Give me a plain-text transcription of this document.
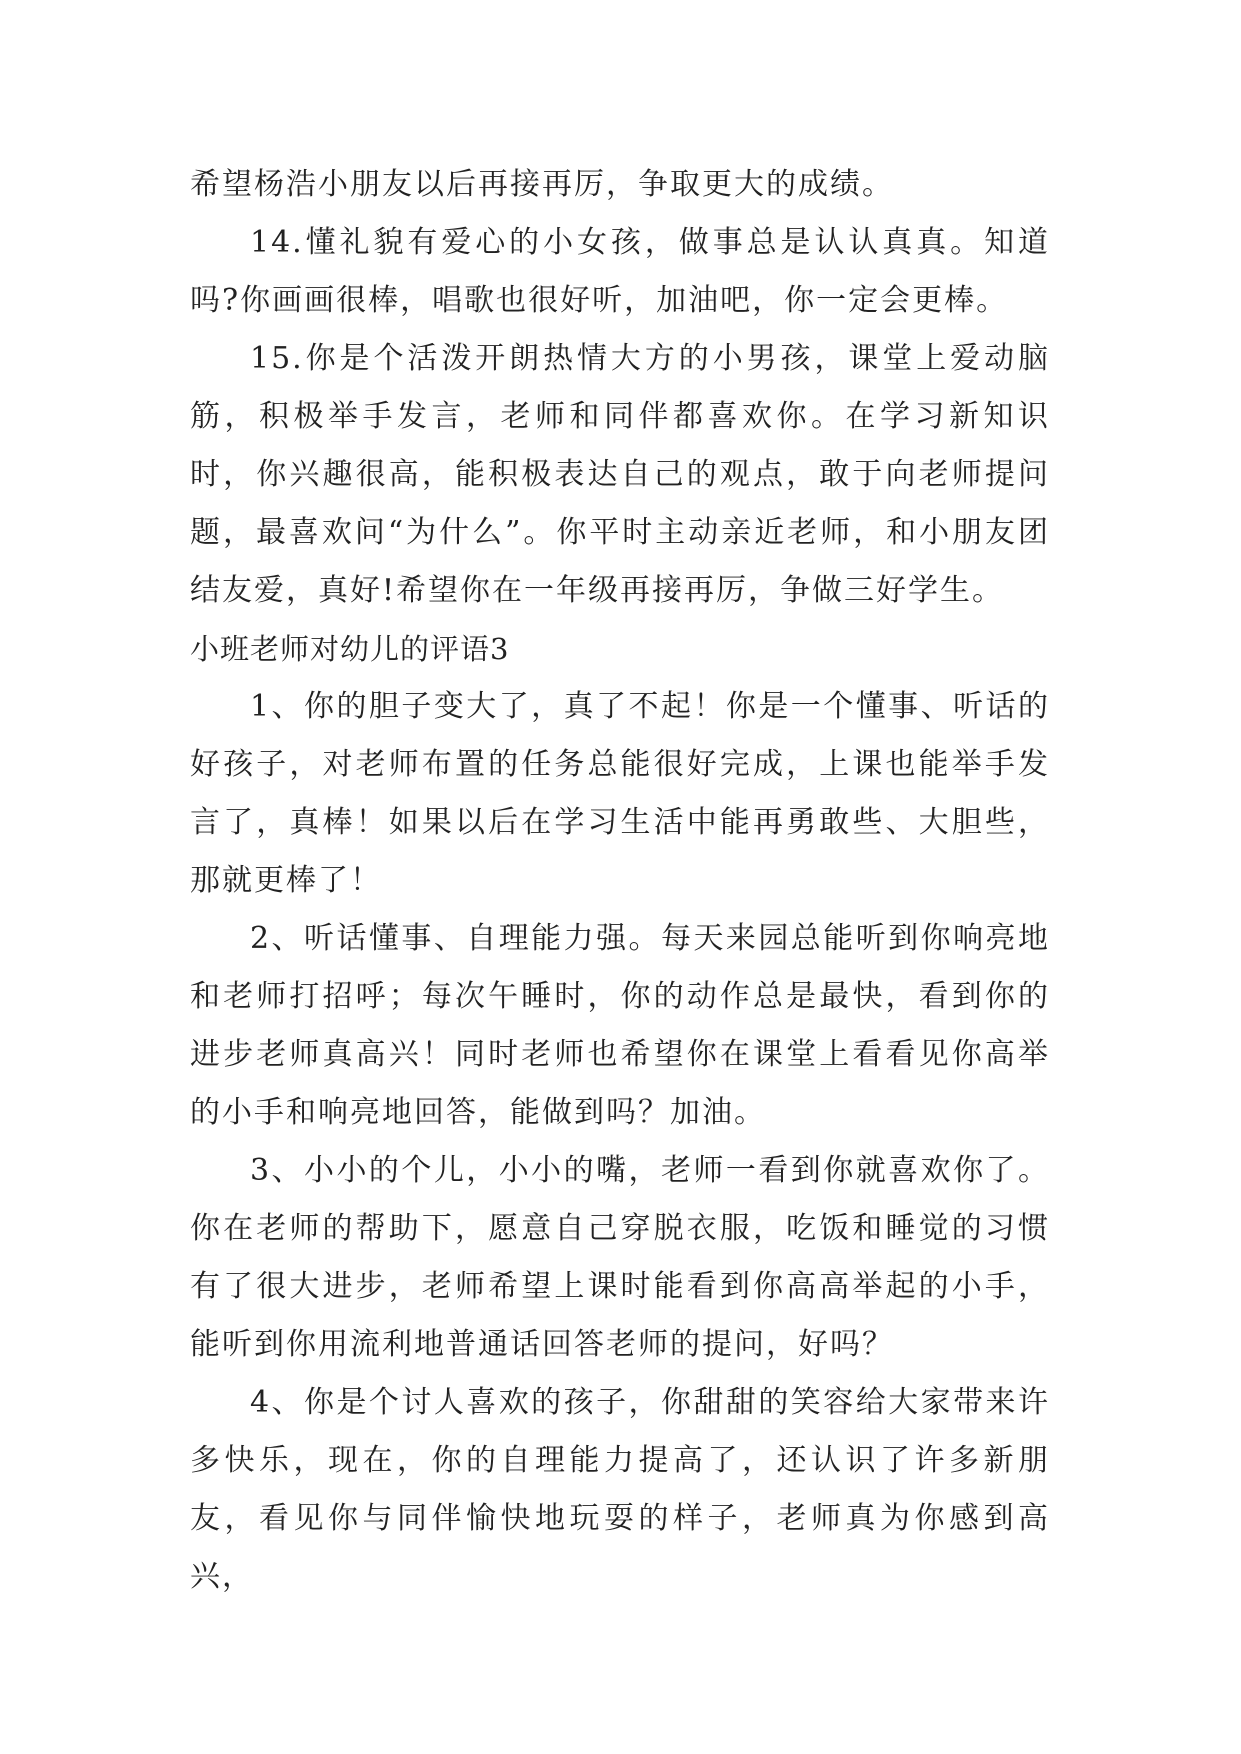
希望杨浩小朋友以后再接再厉，争取更大的成绩。

14.懂礼貌有爱心的小女孩，做事总是认认真真。知道吗?你画画很棒，唱歌也很好听，加油吧，你一定会更棒。

15.你是个活泼开朗热情大方的小男孩，课堂上爱动脑筋，积极举手发言，老师和同伴都喜欢你。在学习新知识时，你兴趣很高，能积极表达自己的观点，敢于向老师提问题，最喜欢问“为什么”。你平时主动亲近老师，和小朋友团结友爱，真好!希望你在一年级再接再厉，争做三好学生。

小班老师对幼儿的评语3

1、你的胆子变大了，真了不起！你是一个懂事、听话的好孩子，对老师布置的任务总能很好完成，上课也能举手发言了，真棒！如果以后在学习生活中能再勇敢些、大胆些，那就更棒了！

2、听话懂事、自理能力强。每天来园总能听到你响亮地和老师打招呼；每次午睡时，你的动作总是最快，看到你的进步老师真高兴！同时老师也希望你在课堂上看看见你高举的小手和响亮地回答，能做到吗？加油。

3、小小的个儿，小小的嘴，老师一看到你就喜欢你了。你在老师的帮助下，愿意自己穿脱衣服，吃饭和睡觉的习惯有了很大进步，老师希望上课时能看到你高高举起的小手，能听到你用流利地普通话回答老师的提问，好吗？

4、你是个讨人喜欢的孩子，你甜甜的笑容给大家带来许多快乐，现在，你的自理能力提高了，还认识了许多新朋友，看见你与同伴愉快地玩耍的样子，老师真为你感到高兴，
